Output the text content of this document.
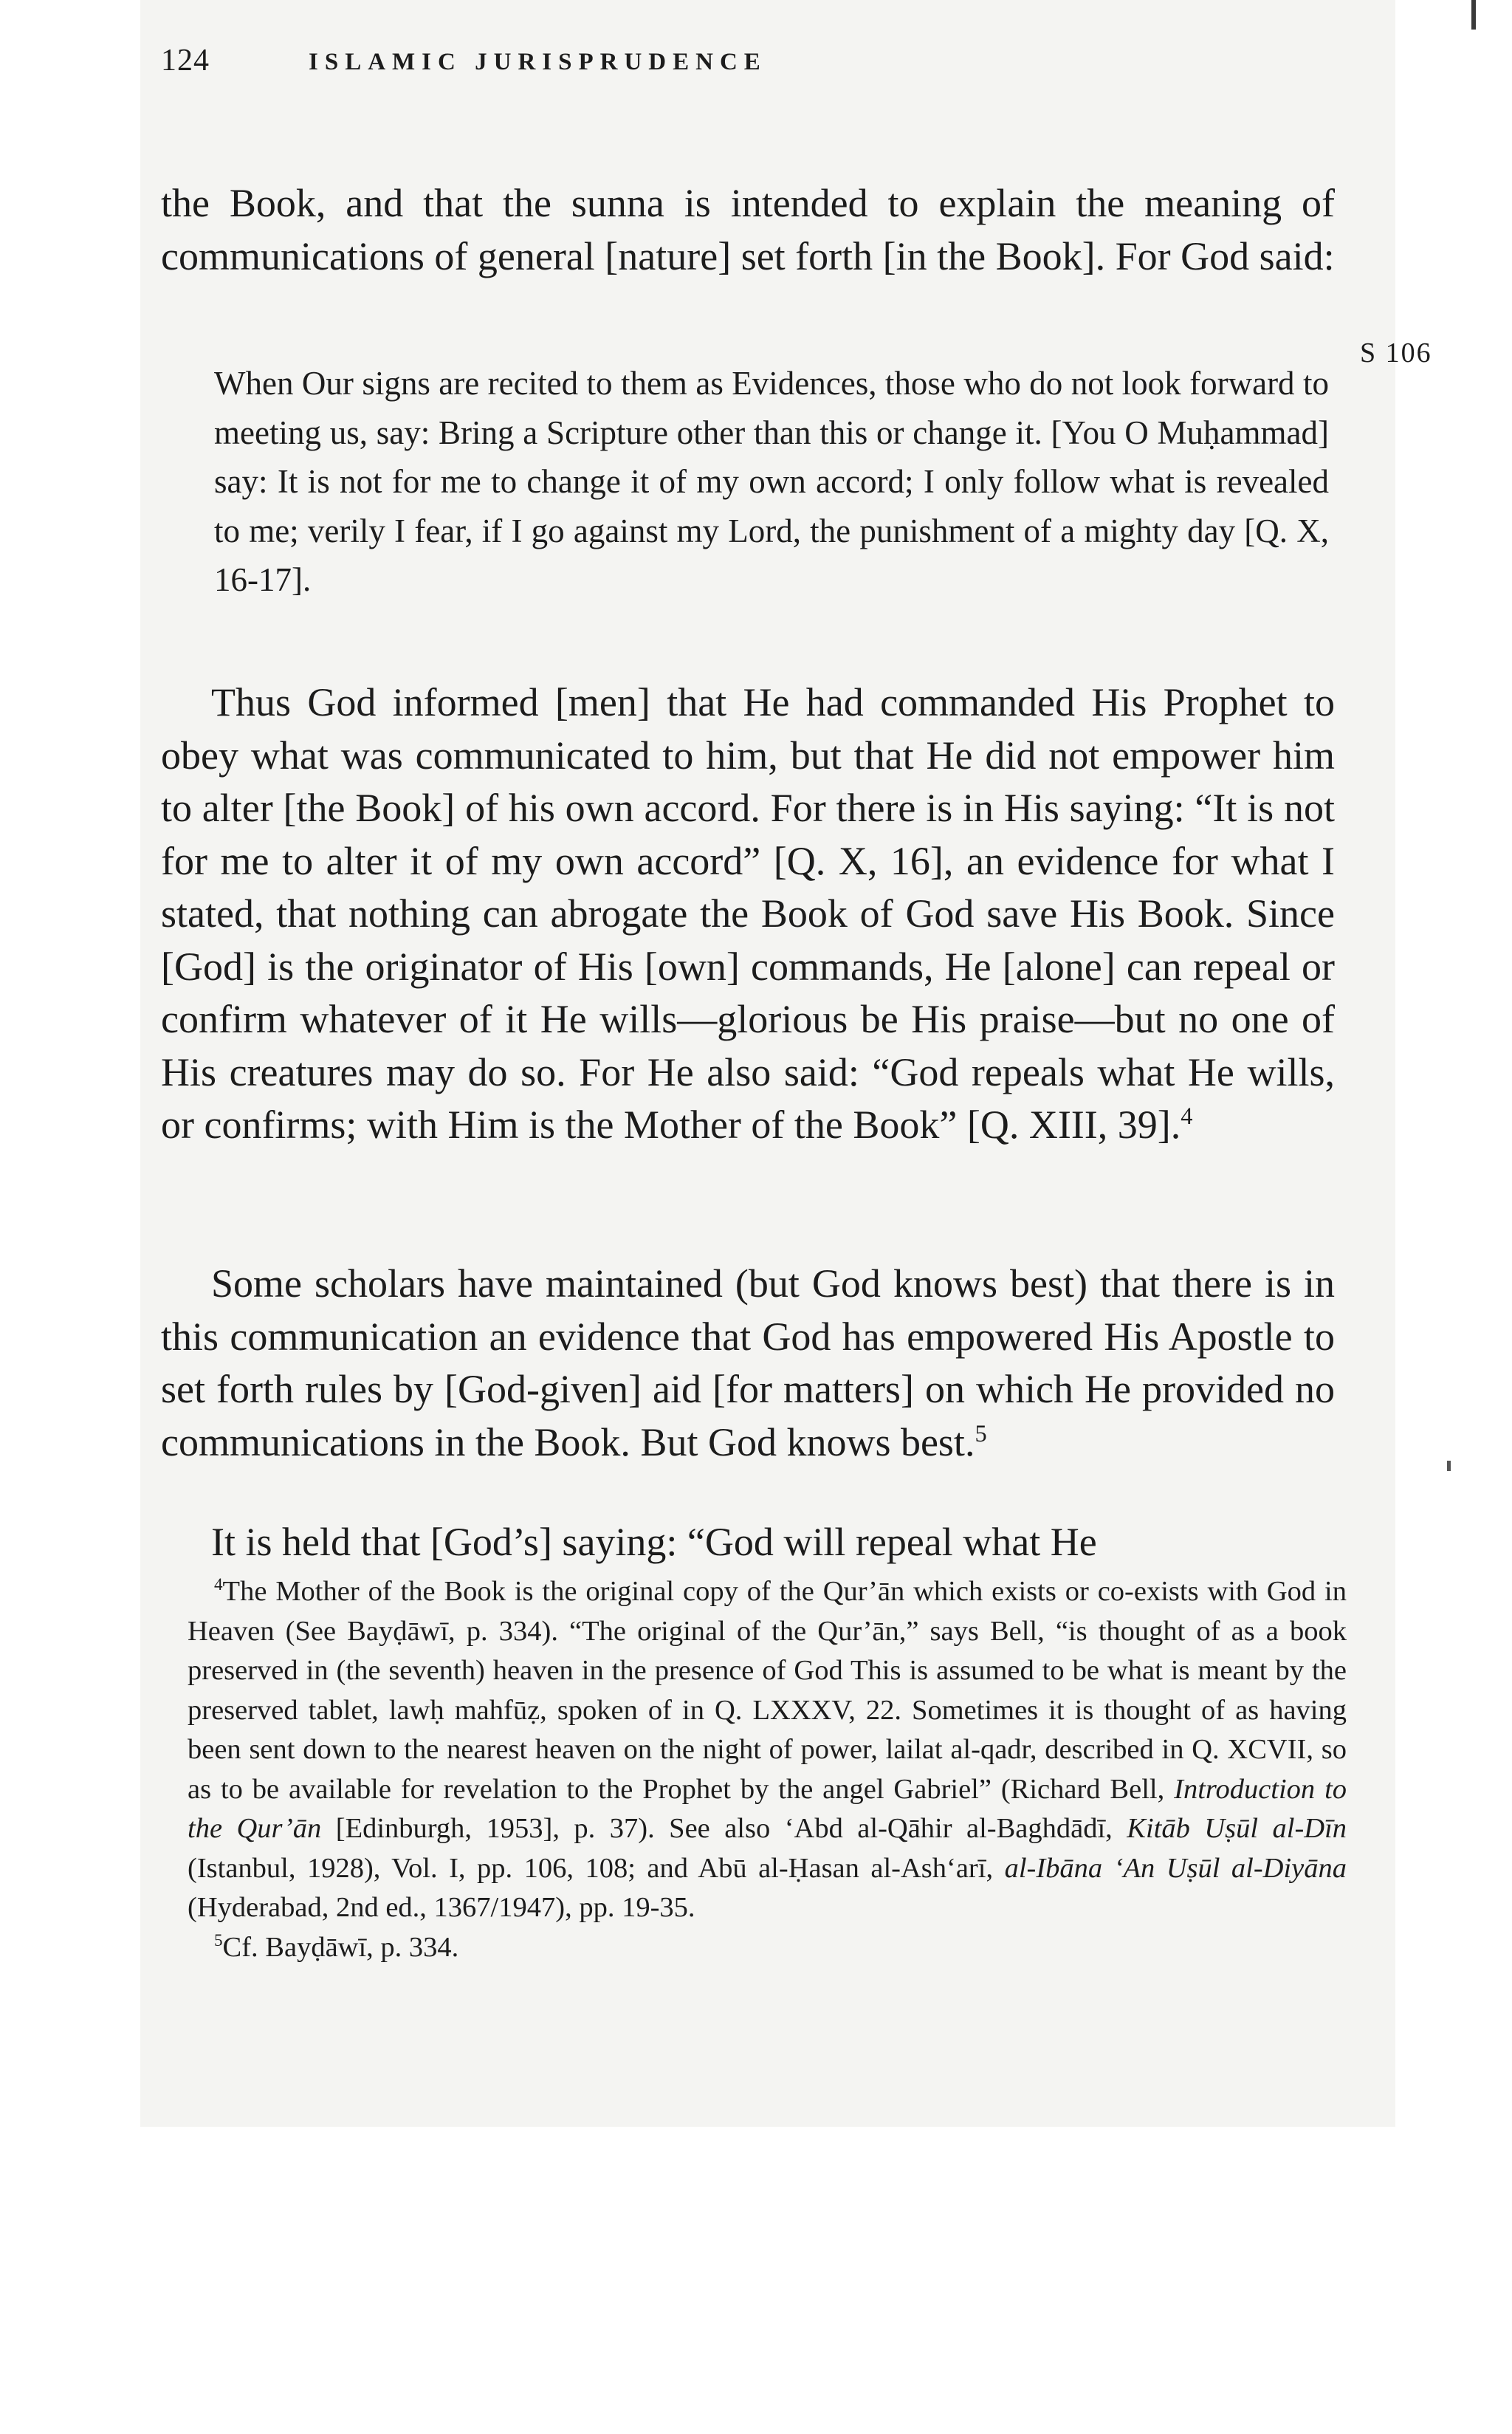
124	ISLAMIC JURISPRUDENCE
S 106

the Book, and that the sunna is intended to explain the meaning of communications of general [nature] set forth [in the Book]. For God said:

When Our signs are recited to them as Evidences, those who do not look forward to meeting us, say: Bring a Scripture other than this or change it. [You O Muḥammad] say: It is not for me to change it of my own accord; I only follow what is revealed to me; verily I fear, if I go against my Lord, the punishment of a mighty day [Q. X, 16-17].

Thus God informed [men] that He had commanded His Prophet to obey what was communicated to him, but that He did not empower him to alter [the Book] of his own accord. For there is in His saying: “It is not for me to alter it of my own accord” [Q. X, 16], an evidence for what I stated, that nothing can abrogate the Book of God save His Book. Since [God] is the originator of His [own] commands, He [alone] can repeal or confirm whatever of it He wills—glorious be His praise—but no one of His creatures may do so. For He also said: “God repeals what He wills, or confirms; with Him is the Mother of the Book” [Q. XIII, 39].$^4$

Some scholars have maintained (but God knows best) that there is in this communication an evidence that God has empowered His Apostle to set forth rules by [God-given] aid [for matters] on which He provided no communications in the Book. But God knows best.$^5$

It is held that [God’s] saying: “God will repeal what He

$^4$The Mother of the Book is the original copy of the Qur’ān which exists or co-exists with God in Heaven (See Bayḍāwī, p. 334). “The original of the Qur’ān,” says Bell, “is thought of as a book preserved in (the seventh) heaven in the presence of God This is assumed to be what is meant by the preserved tablet, lawḥ mahfūẓ, spoken of in Q. LXXXV, 22. Sometimes it is thought of as having been sent down to the nearest heaven on the night of power, lailat al-qadr, described in Q. XCVII, so as to be available for revelation to the Prophet by the angel Gabriel” (Richard Bell, Introduction to the Qur’ān [Edinburgh, 1953], p. 37). See also ‘Abd al-Qāhir al-Baghdādī, Kitāb Uṣūl al-Dīn (Istanbul, 1928), Vol. I, pp. 106, 108; and Abū al-Ḥasan al-Ash‘arī, al-Ibāna ‘An Uṣūl al-Diyāna (Hyderabad, 2nd ed., 1367/1947), pp. 19-35.

$^5$Cf. Bayḍāwī, p. 334.
